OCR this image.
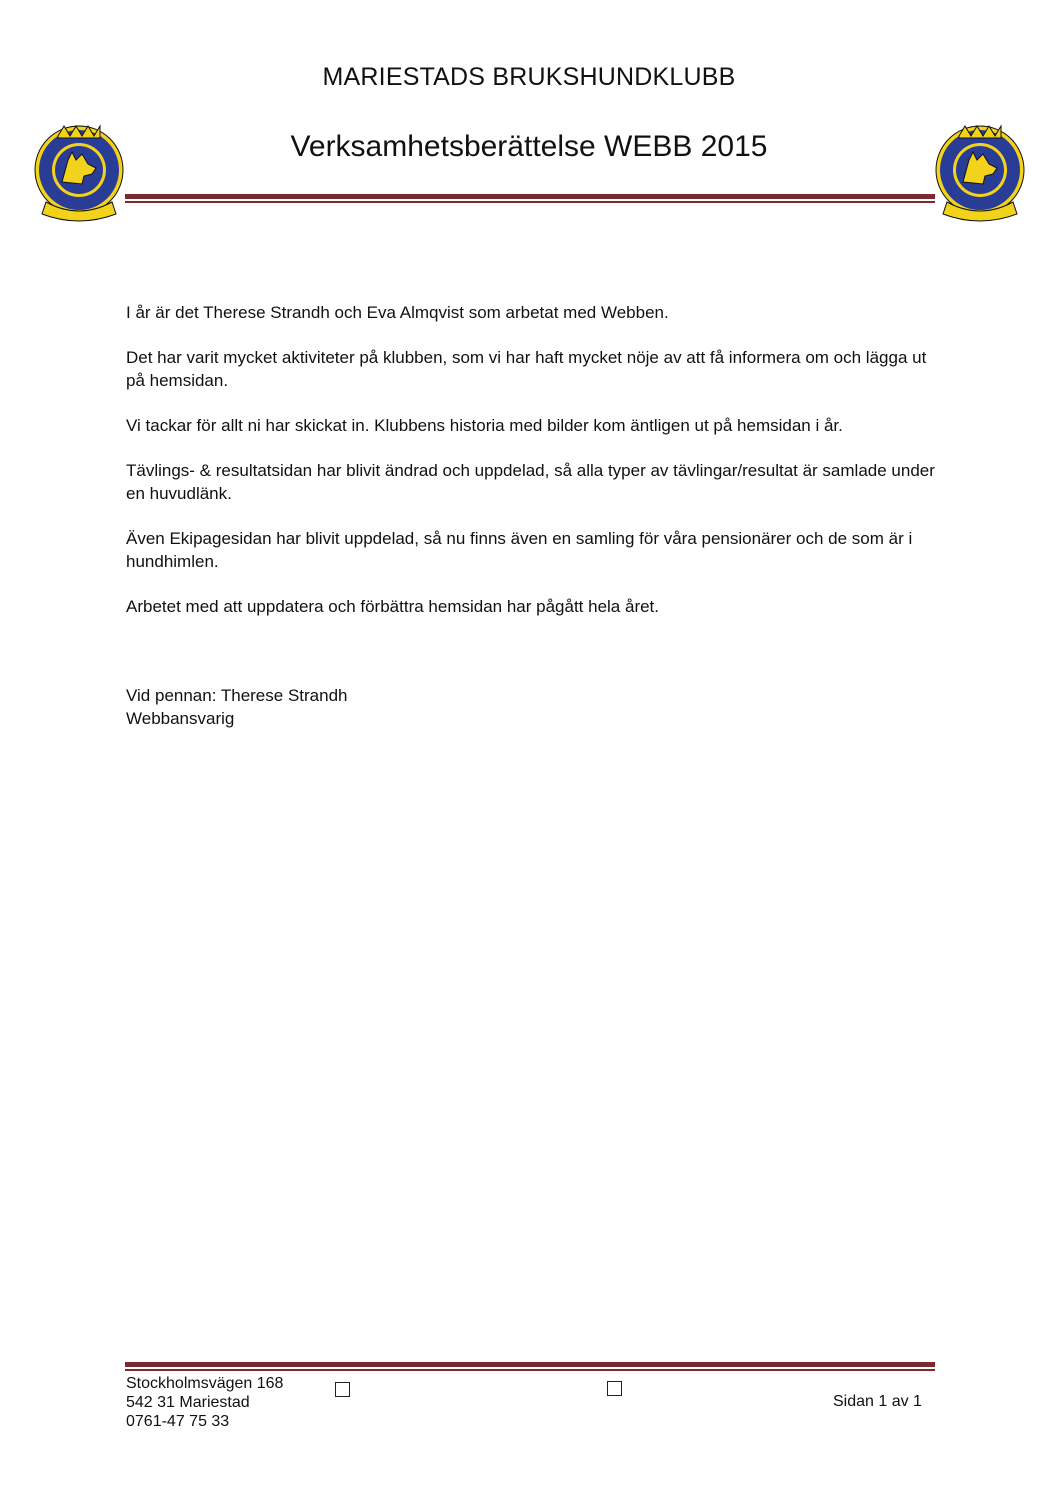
MARIESTADS BRUKSHUNDKLUBB
Verksamhetsberättelse WEBB 2015

I år är det Therese Strandh och Eva Almqvist som arbetat med Webben.

Det har varit mycket aktiviteter på klubben, som vi har haft mycket nöje av att få informera om och lägga ut på hemsidan.

Vi tackar för allt ni har skickat in. Klubbens historia med bilder kom äntligen ut på hemsidan i år.

Tävlings- & resultatsidan har blivit ändrad och uppdelad, så alla typer av tävlingar/resultat är samlade under en huvudlänk.

Även Ekipagesidan har blivit uppdelad, så nu finns även en samling för våra pensionärer och de som är i hundhimlen.

Arbetet med att uppdatera och förbättra hemsidan har pågått hela året.

Vid pennan: Therese Strandh
Webbansvarig
Stockholmsvägen 168
542 31 Mariestad
0761-47 75 33
Sidan 1 av 1
